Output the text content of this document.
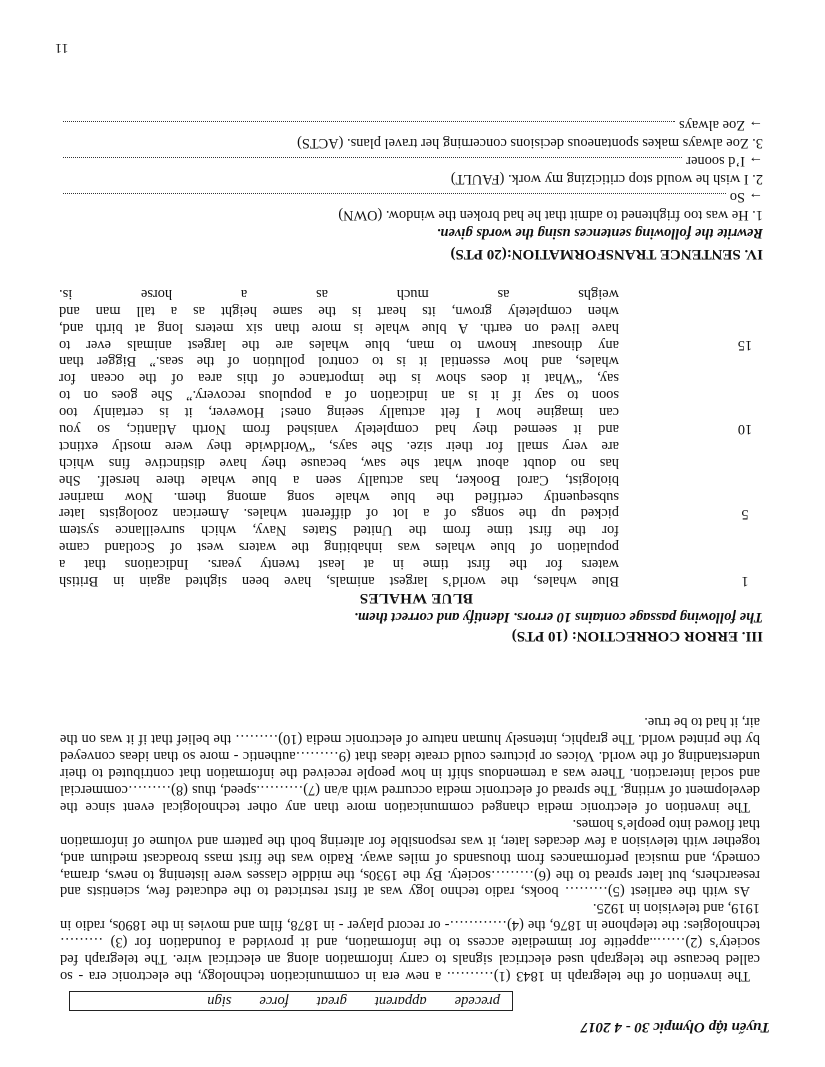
Tuyển tập Olympic 30 - 4 2017
precede
apparent
great
force
sign

The invention of the telegraph in 1843 (1)………. a new era in communication technology, the electronic era - so called because the telegraph used electrical signals to carry information along an electrical wire. The telegraph fed society’s (2)……..appetite for immediate access to the information, and it provided a foundation for (3) ……… technologies: the telephone in 1876, the (4)…………- or record player - in 1878, film and movies in the 1890s, radio in 1919, and television in 1925.

As with the earliest (5)……… books, radio techno logy was at first restricted to the educated few, scientists and researchers, but later spread to the (6)………society. By the 1930s, the middle classes were listening to news, drama, comedy, and musical performances from thousands of miles away. Radio was the first mass broadcast medium and, together with television a few decades later, it was responsible for altering both the pattern and volume of information that flowed into people’s homes.

The invention of electronic media changed communication more than any other technological event since the development of writing. The spread of electronic media occurred with a/an (7)……….speed, thus (8)………commercial and social interaction. There was a tremendous shift in how people received the information that contributed to their understanding of the world. Voices or pictures could create ideas that (9………authentic - more so than ideas conveyed by the printed world. The graphic, intensely human nature of electronic media (10)……… the belief that if it was on the air, it had to be true.

III. ERROR CORRECTION: (10 PTS)
The following passage contains 10 errors. Identify and correct them.
BLUE WHALES
Blue whales, the world’s largest animals, have been sighted again in British
waters for the first time in at least twenty years. Indications that a
population of blue whales was inhabiting the waters west of Scotland came
for the first time from the United States Navy, which surveillance system
picked up the songs of a lot of different whales. American zoologists later
subsequently certified the blue whale song among them. Now mariner
biologist, Carol Booker, has actually seen a blue whale there herself. She
has no doubt about what she saw, because they have distinctive fins which
are very small for their size. She says, “Worldwide they were mostly extinct
and it seemed they had completely vanished from North Atlantic, so you
can imagine how I felt actually seeing ones! However, it is certainly too
soon to say if it is an indication of a populous recovery.” She goes on to
say, “What it does show is the importance of this area of the ocean for
whales, and how essential it is to control pollution of the seas.” Bigger than
any dinosaur known to man, blue whales are the largest animals ever to
have lived on earth. A blue whale is more than six meters long at birth and,
when completely grown, its heart is the same height as a tall man and
weighs as much as a horse is.
1
5
10
15
IV. SENTENCE TRANSFORMATION:(20 PTS)
Rewrite the following sentences using the words given.
1. He was too frightened to admit that he had broken the window. (OWN)
→ So
2. I wish he would stop criticizing my work. (FAULT)
→ I’d sooner
3. Zoe always makes spontaneous decisions concerning her travel plans. (ACTS)
→ Zoe always
11
